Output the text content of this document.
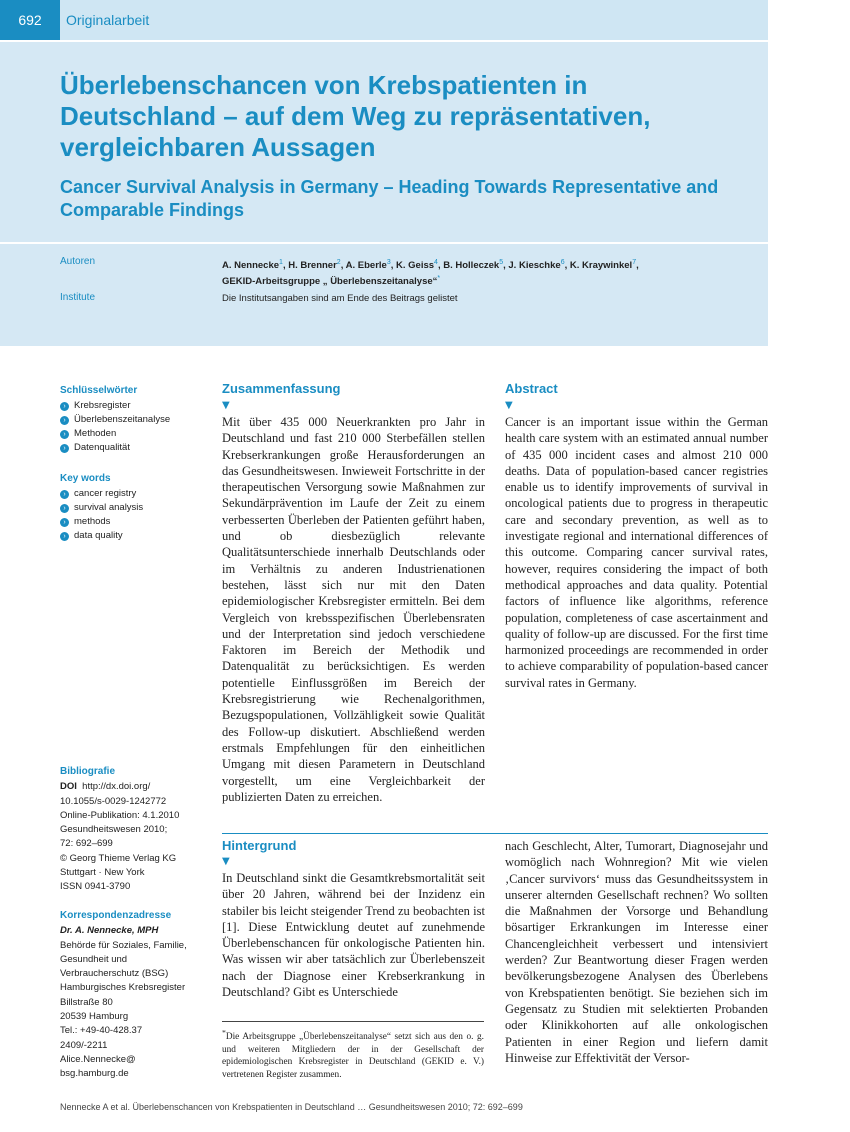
692	Originalarbeit
Überlebenschancen von Krebspatienten in Deutschland – auf dem Weg zu repräsentativen, vergleichbaren Aussagen
Cancer Survival Analysis in Germany – Heading Towards Representative and Comparable Findings
Autoren	A. Nennecke$^1$, H. Brenner$^2$, A. Eberle$^3$, K. Geiss$^4$, B. Holleczek$^5$, J. Kieschke$^6$, K. Kraywinkel$^7$,
GEKID-Arbeitsgruppe „ Überlebenszeitanalyse“*
Institute	Die Institutsangaben sind am Ende des Beitrags gelistet
Schlüsselwörter
› Krebsregister
› Überlebenszeitanalyse
› Methoden
› Datenqualität
Key words
› cancer registry
› survival analysis
› methods
› data quality
Bibliografie
DOI http://dx.doi.org/
10.1055/s-0029-1242772
Online-Publikation: 4.1.2010
Gesundheitswesen 2010;
72: 692–699
© Georg Thieme Verlag KG
Stuttgart · New York
ISSN 0941-3790
Korrespondenzadresse
Dr. A. Nennecke, MPH
Behörde für Soziales, Familie,
Gesundheit und
Verbraucherschutz (BSG)
Hamburgisches Krebsregister
Billstraße 80
20539 Hamburg
Tel.: +49-40-428.37
2409/-2211
Alice.Nennecke@
bsg.hamburg.de
Zusammenfassung
▼

Mit über 435 000 Neuerkrankten pro Jahr in Deutschland und fast 210 000 Sterbefällen stellen Krebserkrankungen große Herausforderungen an das Gesundheitswesen. Inwieweit Fortschritte in der therapeutischen Versorgung sowie Maßnahmen zur Sekundärprävention im Laufe der Zeit zu einem verbesserten Überleben der Patienten geführt haben, und ob diesbezüglich relevante Qualitätsunterschiede innerhalb Deutschlands oder im Verhältnis zu anderen Industrienationen bestehen, lässt sich nur mit den Daten epidemiologischer Krebsregister ermitteln. Bei dem Vergleich von krebsspezifischen Überlebensraten und der Interpretation sind jedoch verschiedene Faktoren im Bereich der Methodik und Datenqualität zu berücksichtigen. Es werden potentielle Einflussgrößen im Bereich der Krebsregistrierung wie Rechenalgorithmen, Bezugspopulationen, Vollzähligkeit sowie Qualität des Follow-up diskutiert. Abschließend werden erstmals Empfehlungen für den einheitlichen Umgang mit diesen Parametern in Deutschland vorgestellt, um eine Vergleichbarkeit der publizierten Daten zu erreichen.

Abstract
▼

Cancer is an important issue within the German health care system with an estimated annual number of 435 000 incident cases and almost 210 000 deaths. Data of population-based cancer registries enable us to identify improvements of survival in oncological patients due to progress in therapeutic care and secondary prevention, as well as to investigate regional and international differences of this outcome. Comparing cancer survival rates, however, requires considering the impact of both methodical approaches and data quality. Potential factors of influence like algorithms, reference population, completeness of case ascertainment and quality of follow-up are discussed. For the first time harmonized proceedings are recommended in order to achieve comparability of population-based cancer survival rates in Germany.

Hintergrund
▼

In Deutschland sinkt die Gesamtkrebsmortalität seit über 20 Jahren, während bei der Inzidenz ein stabiler bis leicht steigender Trend zu beobachten ist [1]. Diese Entwicklung deutet auf zunehmende Überlebenschancen für onkologische Patienten hin. Was wissen wir aber tatsächlich zur Überlebenszeit nach der Diagnose einer Krebserkrankung in Deutschland? Gibt es Unterschiede

nach Geschlecht, Alter, Tumorart, Diagnosejahr und womöglich nach Wohnregion? Mit wie vielen ‚Cancer survivors‘ muss das Gesundheitssystem in unserer alternden Gesellschaft rechnen? Wo sollten die Maßnahmen der Vorsorge und Behandlung bösartiger Erkrankungen im Interesse einer Chancengleichheit verbessert und intensiviert werden? Zur Beantwortung dieser Fragen werden bevölkerungsbezogene Analysen des Überlebens von Krebspatienten benötigt. Sie beziehen sich im Gegensatz zu Studien mit selektierten Probanden oder Klinikkohorten auf alle onkologischen Patienten in einer Region und liefern damit Hinweise zur Effektivität der Versor-

*Die Arbeitsgruppe „Überlebenszeitanalyse“ setzt sich aus den o. g. und weiteren Mitgliedern der in der Gesellschaft der epidemiologischen Krebsregister in Deutschland (GEKID e. V.) vertretenen Register zusammen.
Nennecke A et al. Überlebenschancen von Krebspatienten in Deutschland … Gesundheitswesen 2010; 72: 692–699
